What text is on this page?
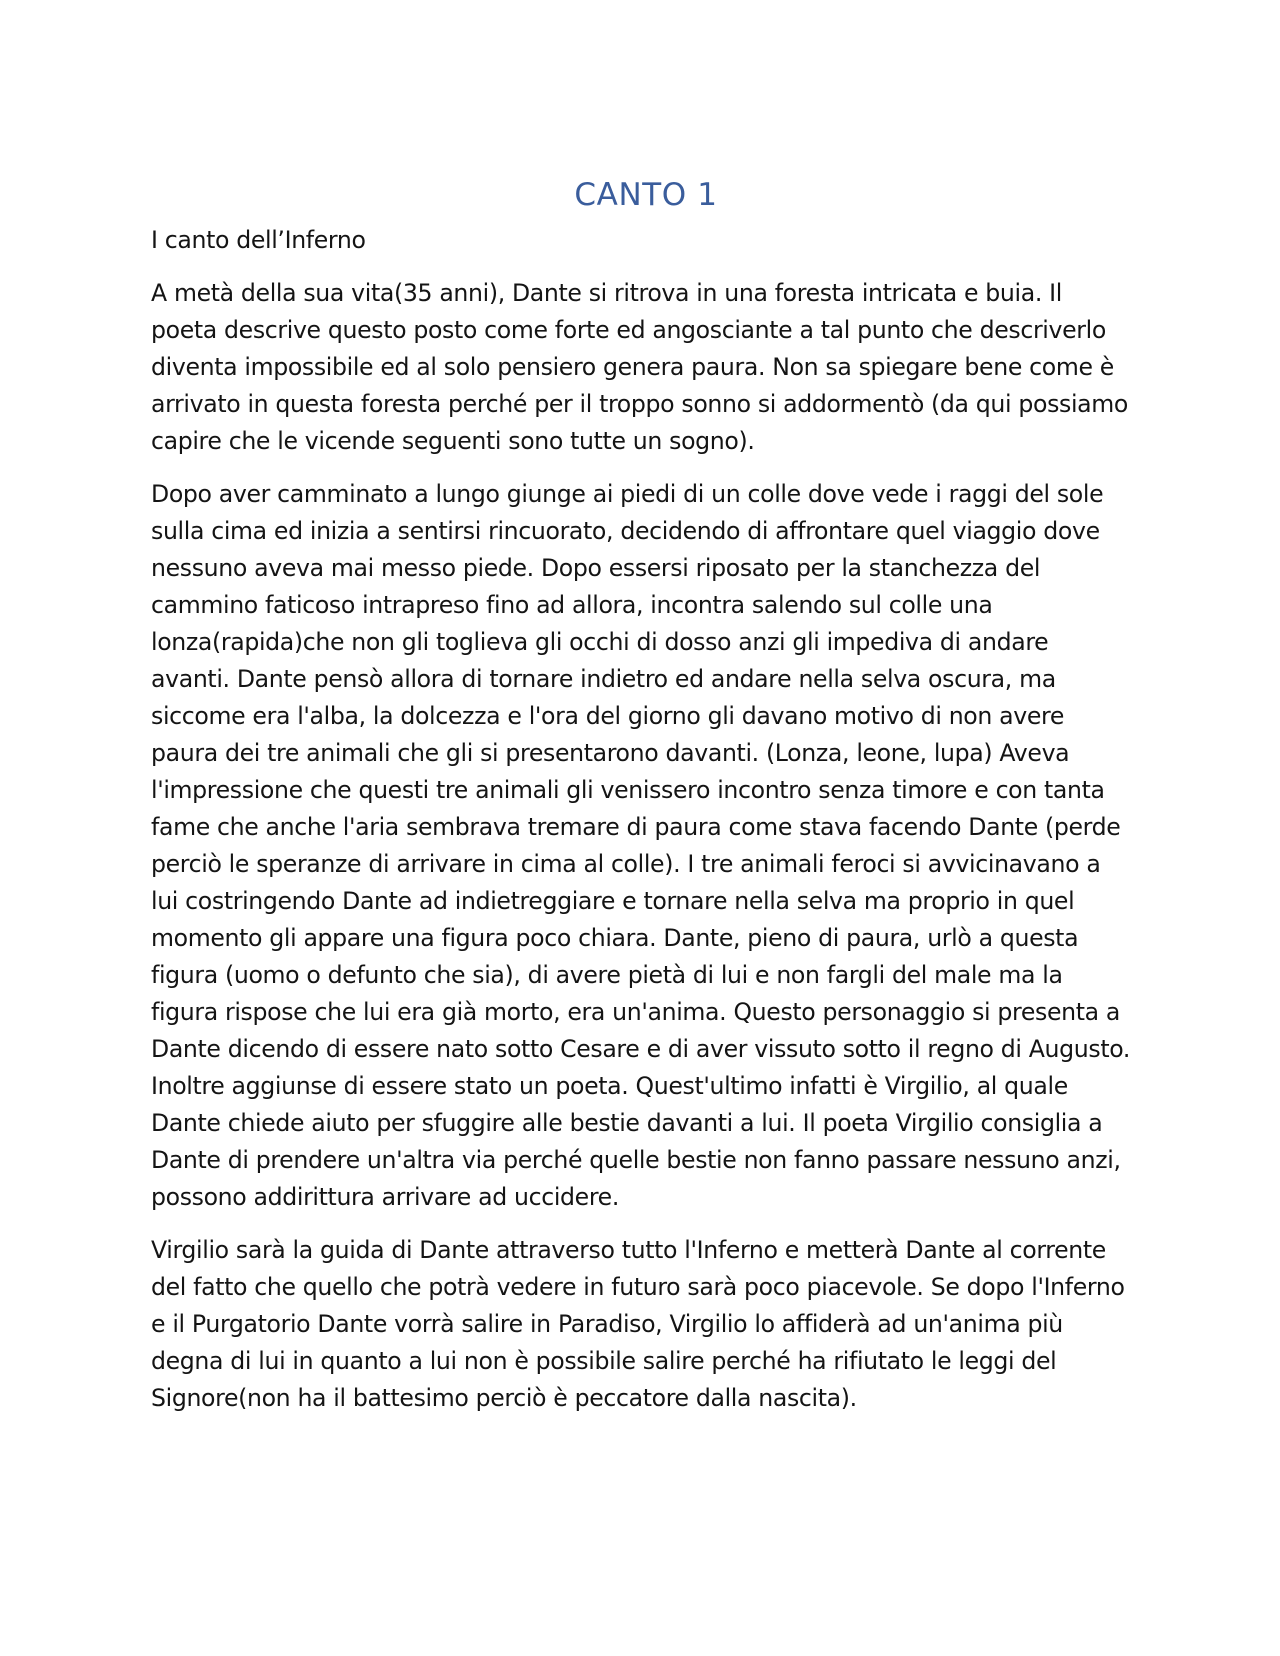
CANTO 1

I canto dell’Inferno

A metà della sua vita(35 anni), Dante si ritrova in una foresta intricata e buia. Il poeta descrive questo posto come forte ed angosciante a tal punto che descriverlo diventa impossibile ed al solo pensiero genera paura. Non sa spiegare bene come è arrivato in questa foresta perché per il troppo sonno si addormentò (da qui possiamo capire che le vicende seguenti sono tutte un sogno).

Dopo aver camminato a lungo giunge ai piedi di un colle dove vede i raggi del sole sulla cima ed inizia a sentirsi rincuorato, decidendo di affrontare quel viaggio dove nessuno aveva mai messo piede. Dopo essersi riposato per la stanchezza del cammino faticoso intrapreso fino ad allora, incontra salendo sul colle una lonza(rapida)che non gli toglieva gli occhi di dosso anzi gli impediva di andare avanti. Dante pensò allora di tornare indietro ed andare nella selva oscura, ma siccome era l'alba, la dolcezza e l'ora del giorno gli davano motivo di non avere paura dei tre animali che gli si presentarono davanti. (Lonza, leone, lupa) Aveva l'impressione che questi tre animali gli venissero incontro senza timore e con tanta fame che anche l'aria sembrava tremare di paura come stava facendo Dante (perde perciò le speranze di arrivare in cima al colle). I tre animali feroci si avvicinavano a lui costringendo Dante ad indietreggiare e tornare nella selva ma proprio in quel momento gli appare una figura poco chiara. Dante, pieno di paura, urlò a questa figura (uomo o defunto che sia), di avere pietà di lui e non fargli del male ma la figura rispose che lui era già morto, era un'anima. Questo personaggio si presenta a Dante dicendo di essere nato sotto Cesare e di aver vissuto sotto il regno di Augusto. Inoltre aggiunse di essere stato un poeta. Quest'ultimo infatti è Virgilio, al quale Dante chiede aiuto per sfuggire alle bestie davanti a lui. Il poeta Virgilio consiglia a Dante di prendere un'altra via perché quelle bestie non fanno passare nessuno anzi, possono addirittura arrivare ad uccidere.

Virgilio sarà la guida di Dante attraverso tutto l'Inferno e metterà Dante al corrente del fatto che quello che potrà vedere in futuro sarà poco piacevole. Se dopo l'Inferno e il Purgatorio Dante vorrà salire in Paradiso, Virgilio lo affiderà ad un'anima più degna di lui in quanto a lui non è possibile salire perché ha rifiutato le leggi del Signore(non ha il battesimo perciò è peccatore dalla nascita).
